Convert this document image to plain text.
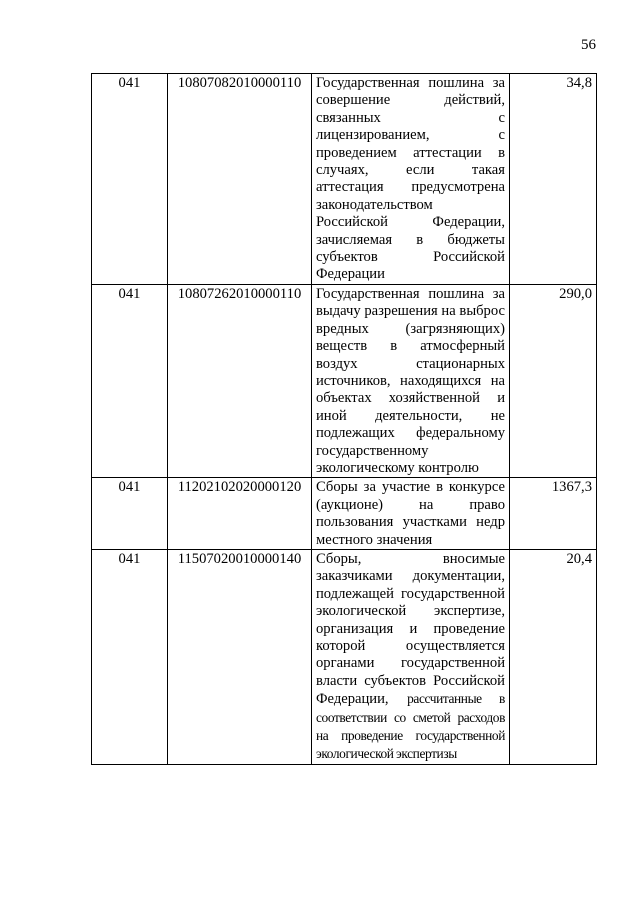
56
041	10807082010000110	Государственная пошлина за совершение действий, связанных с лицензированием, с проведением аттестации в случаях, если такая аттестация предусмотрена законодательством Российской Федерации, зачисляемая в бюджеты субъектов Российской Федерации	34,8
041	10807262010000110	Государственная пошлина за выдачу разрешения на выброс вредных (загрязняющих) веществ в атмосферный воздух стационарных источников, находящихся на объектах хозяйственной и иной деятельности, не подлежащих федеральному государственному экологическому контролю	290,0
041	11202102020000120	Сборы за участие в конкурсе (аукционе) на право пользования участками недр местного значения	1367,3
041	11507020010000140	Сборы, вносимые заказчиками документации, подлежащей государственной экологической экспертизе, организация и проведение которой осуществляется органами государственной власти субъектов Российской Федерации, рассчитанные в соответствии со сметой расходов на проведение государственной экологической экспертизы	20,4
